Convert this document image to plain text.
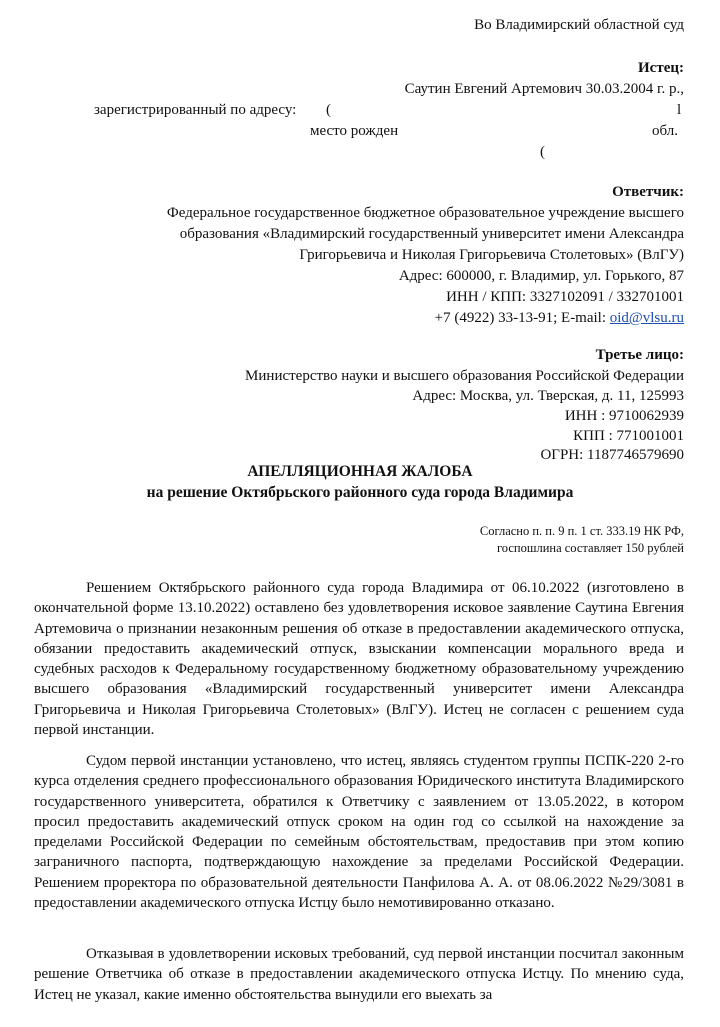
Во Владимирский областной суд
Истец:
Саутин Евгений Артемович 30.03.2004 г. р.,
зарегистрированный по адресу: (	l
место рожден	обл.
(
Ответчик:
Федеральное государственное бюджетное образовательное учреждение высшего
образования «Владимирский государственный университет имени Александра
Григорьевича и Николая Григорьевича Столетовых» (ВлГУ)
Адрес: 600000, г. Владимир, ул. Горького, 87
ИНН / КПП: 3327102091 / 332701001
+7 (4922) 33-13-91; E-mail: oid@vlsu.ru
Третье лицо:
Министерство науки и высшего образования Российской Федерации
Адрес: Москва, ул. Тверская, д. 11, 125993
ИНН : 9710062939
КПП : 771001001
ОГРН: 1187746579690
АПЕЛЛЯЦИОННАЯ ЖАЛОБА
на решение Октябрьского районного суда города Владимира
Согласно п. п. 9 п. 1 ст. 333.19 НК РФ,
госпошлина составляет 150 рублей
Решением Октябрьского районного суда города Владимира от 06.10.2022 (изготовлено в окончательной форме 13.10.2022) оставлено без удовлетворения исковое заявление Саутина Евгения Артемовича о признании незаконным решения об отказе в предоставлении академического отпуска, обязании предоставить академический отпуск, взыскании компенсации морального вреда и судебных расходов к Федеральному государственному бюджетному образовательному учреждению высшего образования «Владимирский государственный университет имени Александра Григорьевича и Николая Григорьевича Столетовых» (ВлГУ). Истец не согласен с решением суда первой инстанции.
Судом первой инстанции установлено, что истец, являясь студентом группы ПСПК-220 2-го курса отделения среднего профессионального образования Юридического института Владимирского государственного университета, обратился к Ответчику с заявлением от 13.05.2022, в котором просил предоставить академический отпуск сроком на один год со ссылкой на нахождение за пределами Российской Федерации по семейным обстоятельствам, предоставив при этом копию заграничного паспорта, подтверждающую нахождение за пределами Российской Федерации. Решением проректора по образовательной деятельности Панфилова А. А. от 08.06.2022 №29/3081 в предоставлении академического отпуска Истцу было немотивированно отказано.
Отказывая в удовлетворении исковых требований, суд первой инстанции посчитал законным решение Ответчика об отказе в предоставлении академического отпуска Истцу. По мнению суда, Истец не указал, какие именно обстоятельства вынудили его выехать за
